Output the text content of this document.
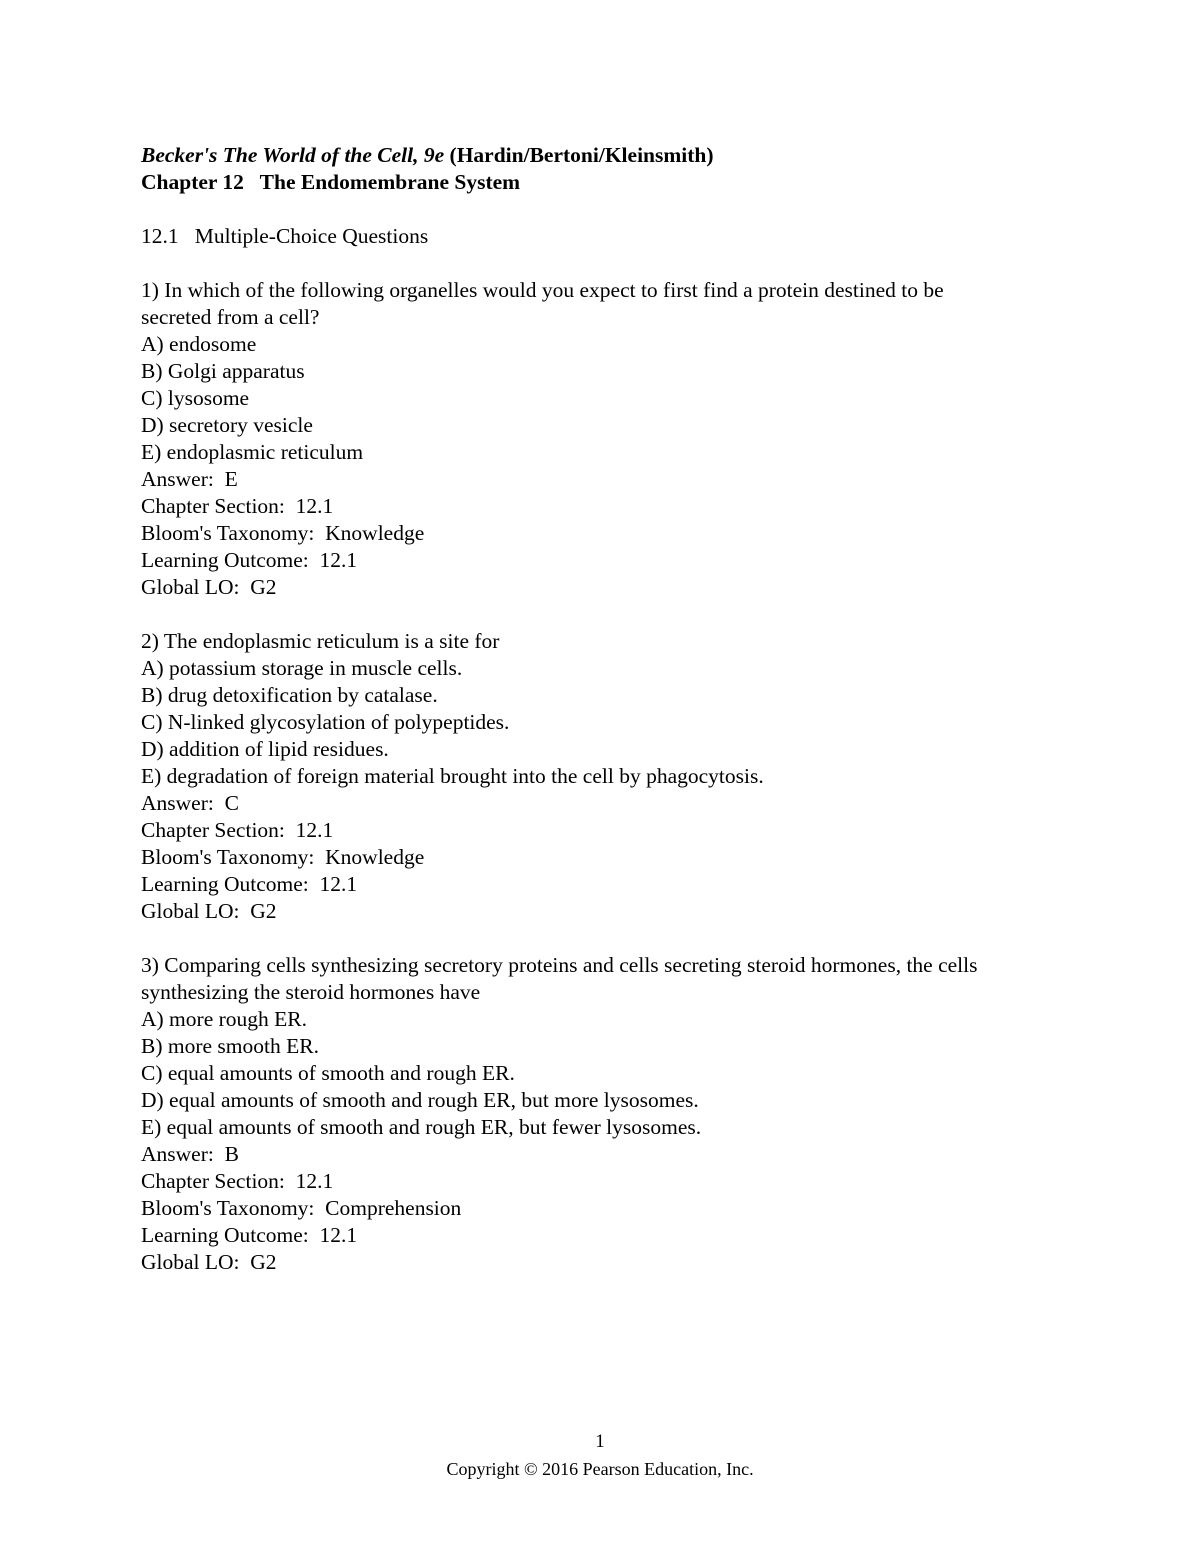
Becker's The World of the Cell, 9e (Hardin/Bertoni/Kleinsmith)
Chapter 12   The Endomembrane System
12.1   Multiple-Choice Questions
1) In which of the following organelles would you expect to first find a protein destined to be
secreted from a cell?
A) endosome
B) Golgi apparatus
C) lysosome
D) secretory vesicle
E) endoplasmic reticulum
Answer:  E
Chapter Section:  12.1
Bloom's Taxonomy:  Knowledge
Learning Outcome:  12.1
Global LO:  G2
2) The endoplasmic reticulum is a site for
A) potassium storage in muscle cells.
B) drug detoxification by catalase.
C) N-linked glycosylation of polypeptides.
D) addition of lipid residues.
E) degradation of foreign material brought into the cell by phagocytosis.
Answer:  C
Chapter Section:  12.1
Bloom's Taxonomy:  Knowledge
Learning Outcome:  12.1
Global LO:  G2
3) Comparing cells synthesizing secretory proteins and cells secreting steroid hormones, the cells
synthesizing the steroid hormones have
A) more rough ER.
B) more smooth ER.
C) equal amounts of smooth and rough ER.
D) equal amounts of smooth and rough ER, but more lysosomes.
E) equal amounts of smooth and rough ER, but fewer lysosomes.
Answer:  B
Chapter Section:  12.1
Bloom's Taxonomy:  Comprehension
Learning Outcome:  12.1
Global LO:  G2
1
Copyright © 2016 Pearson Education, Inc.
